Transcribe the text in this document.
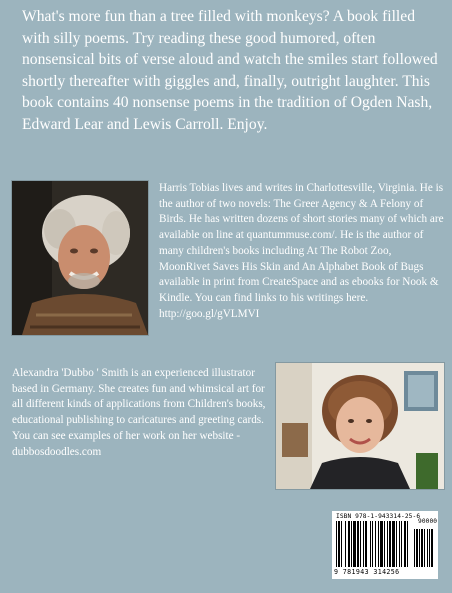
What's more fun than a tree filled with monkeys? A book filled with silly poems. Try reading these good humored, often nonsensical bits of verse aloud and watch the smiles start followed shortly thereafter with giggles and, finally, outright laughter. This book contains 40 nonsense poems in the tradition of Ogden Nash, Edward Lear and Lewis Carroll. Enjoy.

Harris Tobias lives and writes in Charlottesville, Virginia. He is the author of two novels: The Greer Agency & A Felony of Birds. He has written dozens of short stories many of which are available on line at quantummuse.com/. He is the author of many children's books including At The Robot Zoo, MoonRivet Saves His Skin and An Alphabet Book of Bugs available in print from CreateSpace and as ebooks for Nook & Kindle. You can find links to his writings here. http://goo.gl/gVLMVI

Alexandra 'Dubbo ' Smith is an experienced illustrator based in Germany. She creates fun and whimsical art for all different kinds of applications from Children's books, educational publishing to caricatures and greeting cards. You can see examples of her work on her website - dubbosdoodles.com

ISBN 978-1-943314-25-6
90000
9 781943 314256
